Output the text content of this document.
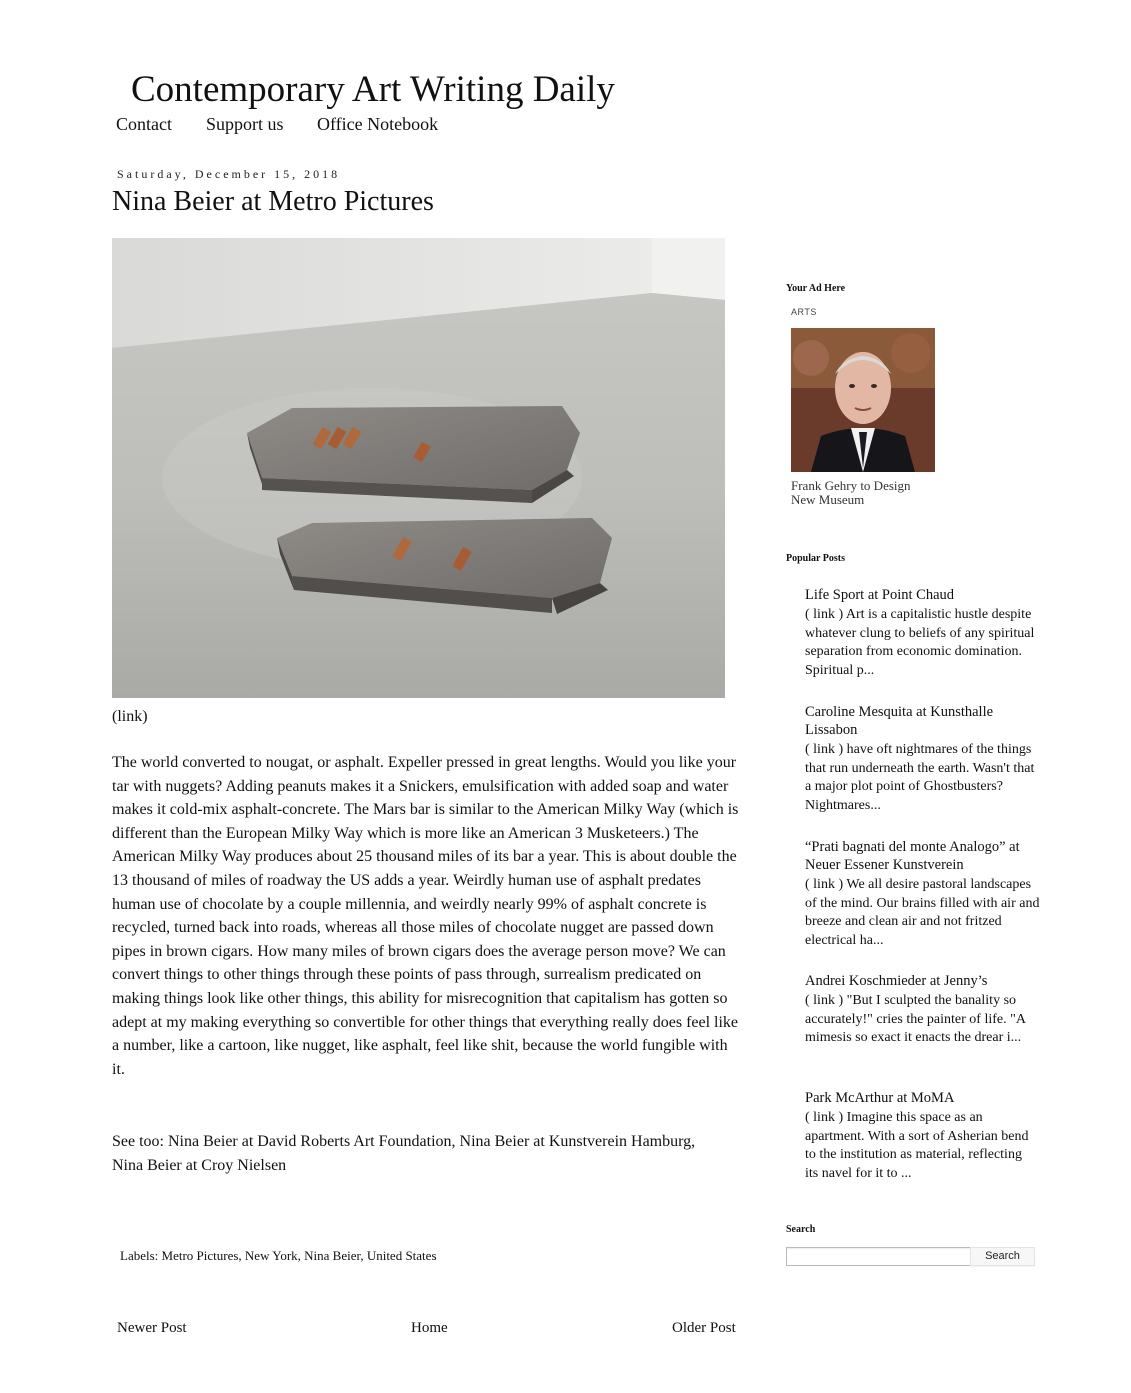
Contemporary Art Writing Daily
Contact Support us Office Notebook
Saturday, December 15, 2018
Nina Beier at Metro Pictures
(link)
The world converted to nougat, or asphalt. Expeller pressed in great lengths. Would you like your tar with nuggets? Adding peanuts makes it a Snickers, emulsification with added soap and water makes it cold-mix asphalt-concrete. The Mars bar is similar to the American Milky Way (which is different than the European Milky Way which is more like an American 3 Musketeers.) The American Milky Way produces about 25 thousand miles of its bar a year. This is about double the 13 thousand of miles of roadway the US adds a year. Weirdly human use of asphalt predates human use of chocolate by a couple millennia, and weirdly nearly 99% of asphalt concrete is recycled, turned back into roads, whereas all those miles of chocolate nugget are passed down pipes in brown cigars. How many miles of brown cigars does the average person move? We can convert things to other things through these points of pass through, surrealism predicated on making things look like other things, this ability for misrecognition that capitalism has gotten so adept at my making everything so convertible for other things that everything really does feel like a number, like a cartoon, like nugget, like asphalt, feel like shit, because the world fungible with it.
See too: Nina Beier at David Roberts Art Foundation, Nina Beier at Kunstverein Hamburg, Nina Beier at Croy Nielsen
Labels: Metro Pictures, New York, Nina Beier, United States
Newer Post	Home	Older Post
Your Ad Here
ARTS
Frank Gehry to Design
New Museum
Popular Posts
Life Sport at Point Chaud
( link ) Art is a capitalistic hustle despite whatever clung to beliefs of any spiritual separation from economic domination. Spiritual p...
Caroline Mesquita at Kunsthalle Lissabon
( link ) have oft nightmares of the things that run underneath the earth. Wasn't that a major plot point of Ghostbusters? Nightmares...
“Prati bagnati del monte Analogo” at Neuer Essener Kunstverein
( link ) We all desire pastoral landscapes of the mind. Our brains filled with air and breeze and clean air and not fritzed electrical ha...
Andrei Koschmieder at Jenny’s
( link ) "But I sculpted the banality so accurately!" cries the painter of life. "A mimesis so exact it enacts the drear i...
Park McArthur at MoMA
( link ) Imagine this space as an apartment. With a sort of Asherian bend to the institution as material, reflecting its navel for it to ...
Search
Search
